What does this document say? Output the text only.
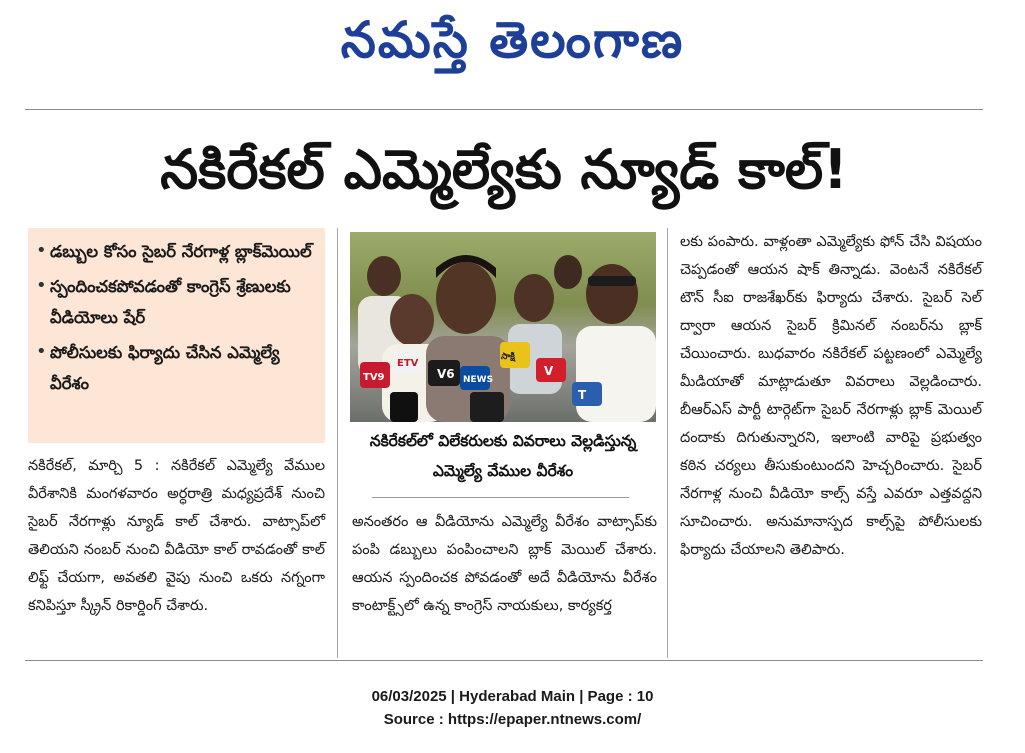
నమస్తే తెలంగాణ
నకిరేకల్ ఎమ్మెల్యేకు న్యూడ్ కాల్!
• డబ్బుల కోసం సైబర్ నేరగాళ్ల బ్లాక్‌మెయిల్
• స్పందించకపోవడంతో కాంగ్రెస్ శ్రేణులకు వీడియోలు షేర్
• పోలీసులకు ఫిర్యాదు చేసిన ఎమ్మెల్యే వీరేశం	V6
సాక్షి
TV9
ETV
NEWS
V
T
నకిరేకల్‌లో విలేకరులకు వివరాలు వెల్లడిస్తున్న ఎమ్మెల్యే వేముల వీరేశం
నకిరేకల్, మార్చి 5 : నకిరేకల్ ఎమ్మెల్యే వేముల వీరేశానికి మంగళవారం అర్ధరాత్రి మధ్యప్రదేశ్ నుంచి సైబర్ నేరగాళ్లు న్యూడ్ కాల్ చేశారు. వాట్సాప్‌లో తెలియని నంబర్ నుంచి వీడియో కాల్ రావడంతో కాల్ లిఫ్ట్ చేయగా, అవతలి వైపు నుంచి ఒకరు నగ్నంగా కనిపిస్తూ స్క్రీన్ రికార్డింగ్ చేశారు.
అనంతరం ఆ వీడియోను ఎమ్మెల్యే వీరేశం వాట్సాప్‌కు పంపి డబ్బులు పంపించాలని బ్లాక్ మెయిల్ చేశారు. ఆయన స్పందించక పోవడంతో అదే వీడియోను వీరేశం కాంటాక్ట్స్‌లో ఉన్న కాంగ్రెస్ నాయకులు, కార్యకర్త
లకు పంపారు. వాళ్లంతా ఎమ్మెల్యేకు ఫోన్ చేసి విషయం చెప్పడంతో ఆయన షాక్ తిన్నాడు. వెంటనే నకిరేకల్ టౌన్ సీఐ రాజశేఖర్‌కు ఫిర్యాదు చేశారు. సైబర్ సెల్ ద్వారా ఆయన సైబర్ క్రిమినల్ నంబర్‌ను బ్లాక్ చేయించారు. బుధవారం నకిరేకల్ పట్టణంలో ఎమ్మెల్యే మీడియాతో మాట్లాడుతూ వివరాలు వెల్లడించారు. బీఆర్ఎస్ పార్టీ టార్గెట్‌గా సైబర్ నేరగాళ్లు బ్లాక్ మెయిల్ దందాకు దిగుతున్నారని, ఇలాంటి వారిపై ప్రభుత్వం కఠిన చర్యలు తీసుకుంటుందని హెచ్చరించారు. సైబర్ నేరగాళ్ల నుంచి వీడియో కాల్స్ వస్తే ఎవరూ ఎత్తవద్దని సూచించారు. అనుమానాస్పద కాల్స్‌పై పోలీసులకు ఫిర్యాదు చేయాలని తెలిపారు.
06/03/2025 | Hyderabad Main | Page : 10
Source : https://epaper.ntnews.com/
